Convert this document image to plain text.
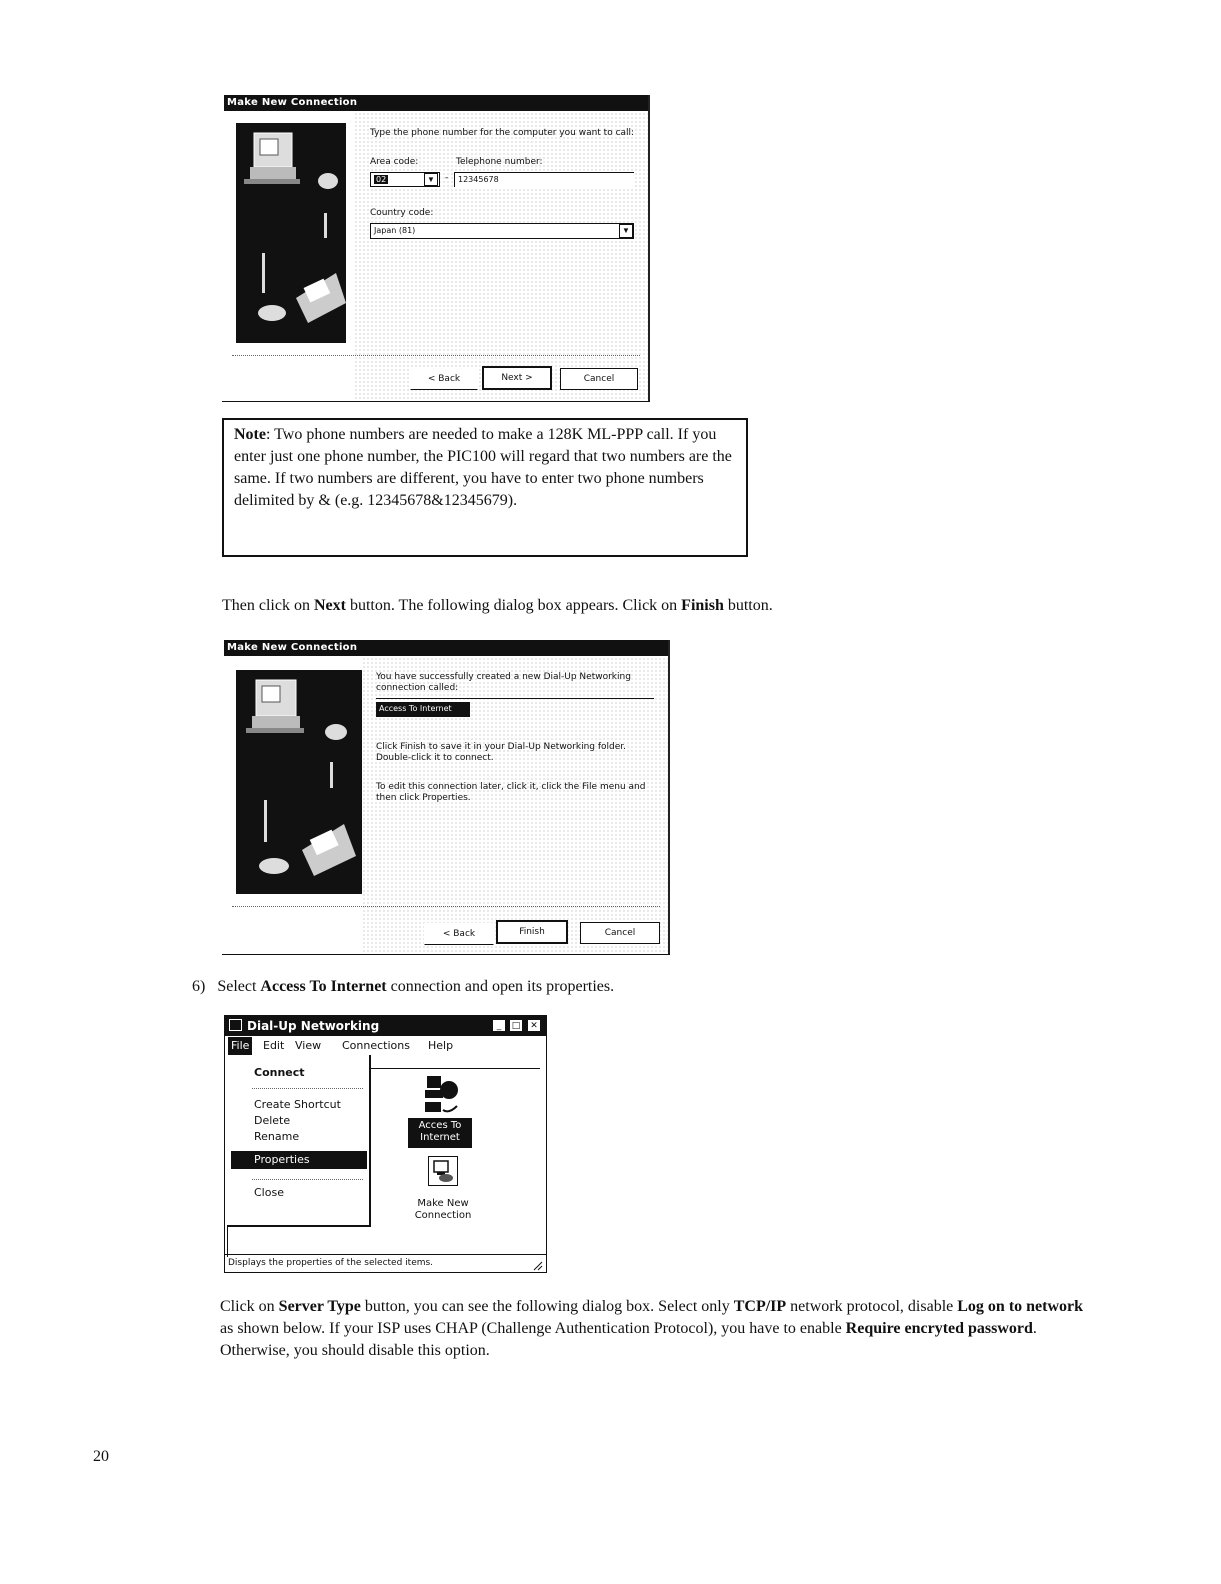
Make New Connection
Type the phone number for the computer you want to call:
Area code:	Telephone number:
02	▼	-	12345678
Country code:
Japan (81)	▼
< Back	Next >	Cancel
Note: Two phone numbers are needed to make a 128K ML-PPP call. If you enter just one phone number, the PIC100 will regard that two numbers are the same. If two numbers are different, you have to enter two phone numbers delimited by & (e.g. 12345678&12345679).
Then click on Next button. The following dialog box appears. Click on Finish button.
Make New Connection
You have successfully created a new Dial-Up Networking connection called:
Access To Internet
Click Finish to save it in your Dial-Up Networking folder. Double-click it to connect.
To edit this connection later, click it, click the File menu and then click Properties.
< Back	Finish	Cancel
6) Select Access To Internet connection and open its properties.
Dial-Up Networking	_	□	✕
File Edit View Connections Help
Connect
Create Shortcut
Delete
Rename
Properties
Close
Acces To
Internet
Make New
Connection
Displays the properties of the selected items.
Click on Server Type button, you can see the following dialog box. Select only TCP/IP network protocol, disable Log on to network as shown below. If your ISP uses CHAP (Challenge Authentication Protocol), you have to enable Require encryted password. Otherwise, you should disable this option.
20
